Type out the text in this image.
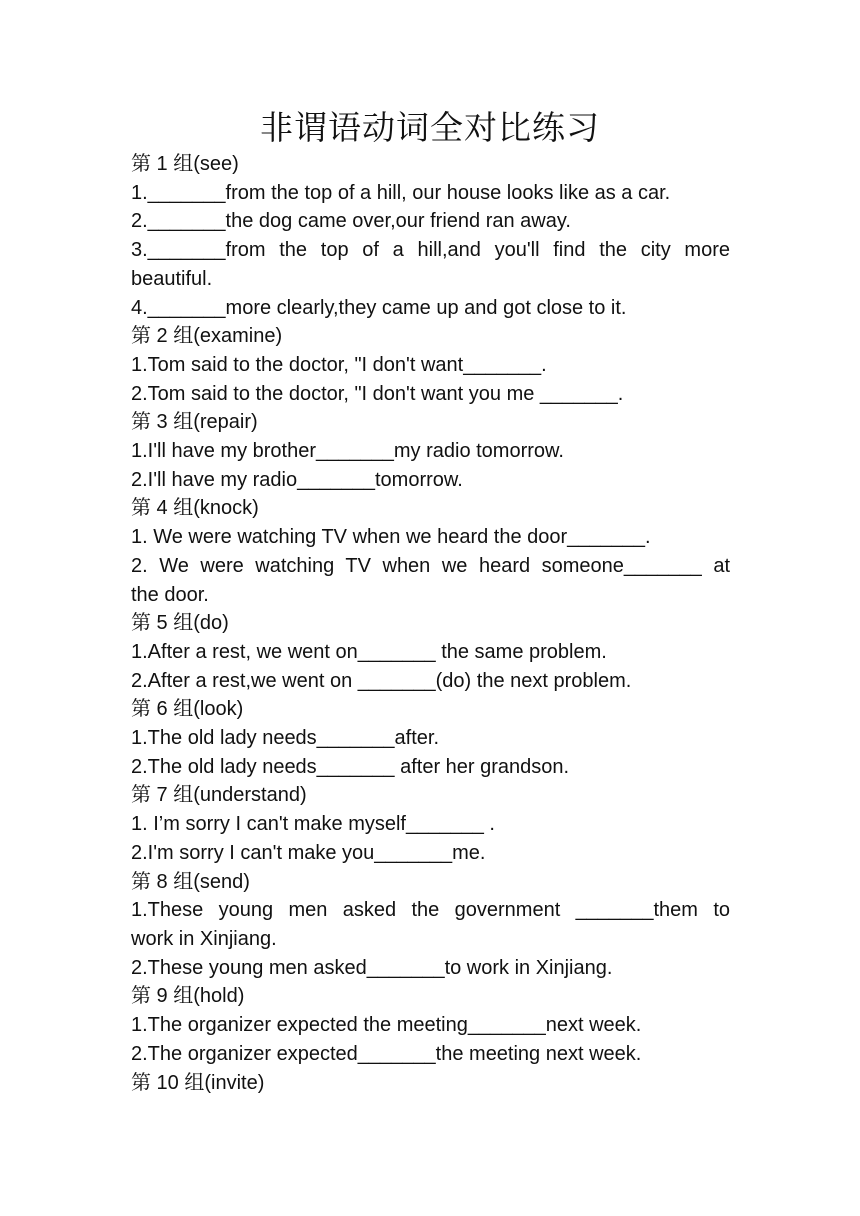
非谓语动词全对比练习
第 1 组(see)
1._______from the top of a hill, our house looks like as a car.
2._______the dog came over,our friend ran away.
3._______from the top of a hill,and you'll find the city more
beautiful.
4._______more clearly,they came up and got close to it.
第 2 组(examine)
1.Tom said to the doctor, "I don't want_______.
2.Tom said to the doctor, "I don't want you me _______.
第 3 组(repair)
1.I'll have my brother_______my radio tomorrow.
2.I'll have my radio_______tomorrow.
第 4 组(knock)
1. We were watching TV when we heard the door_______.
2. We were watching TV when we heard someone_______ at
the door.
第 5 组(do)
1.After a rest, we went on_______ the same problem.
2.After a rest,we went on _______(do) the next problem.
第 6 组(look)
1.The old lady needs_______after.
2.The old lady needs_______ after her grandson.
第 7 组(understand)
1. I’m sorry I can't make myself_______ .
2.I'm sorry I can't make you_______me.
第 8 组(send)
1.These young men asked the government _______them to
work in Xinjiang.
2.These young men asked_______to work in Xinjiang.
第 9 组(hold)
1.The organizer expected the meeting_______next week.
2.The organizer expected_______the meeting next week.
第 10 组(invite)
